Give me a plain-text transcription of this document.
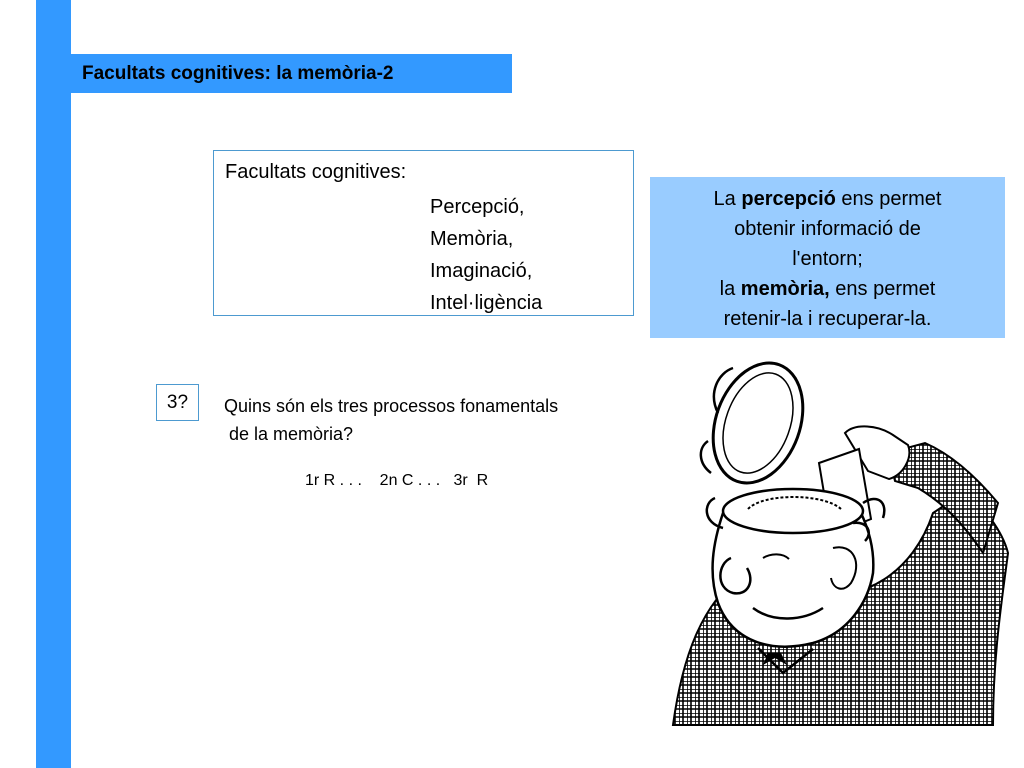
Facultats cognitives: la memòria-2
Facultats cognitives:
Percepció,
Memòria,
Imaginació,
Intel·ligència
La percepció ens permet
obtenir informació de
l'entorn;
la memòria, ens permet
retenir-la i recuperar-la.
3?	Quins són els tres processos fonamentals
de la memòria?
1r R . . .    2n C . . .   3r  R
